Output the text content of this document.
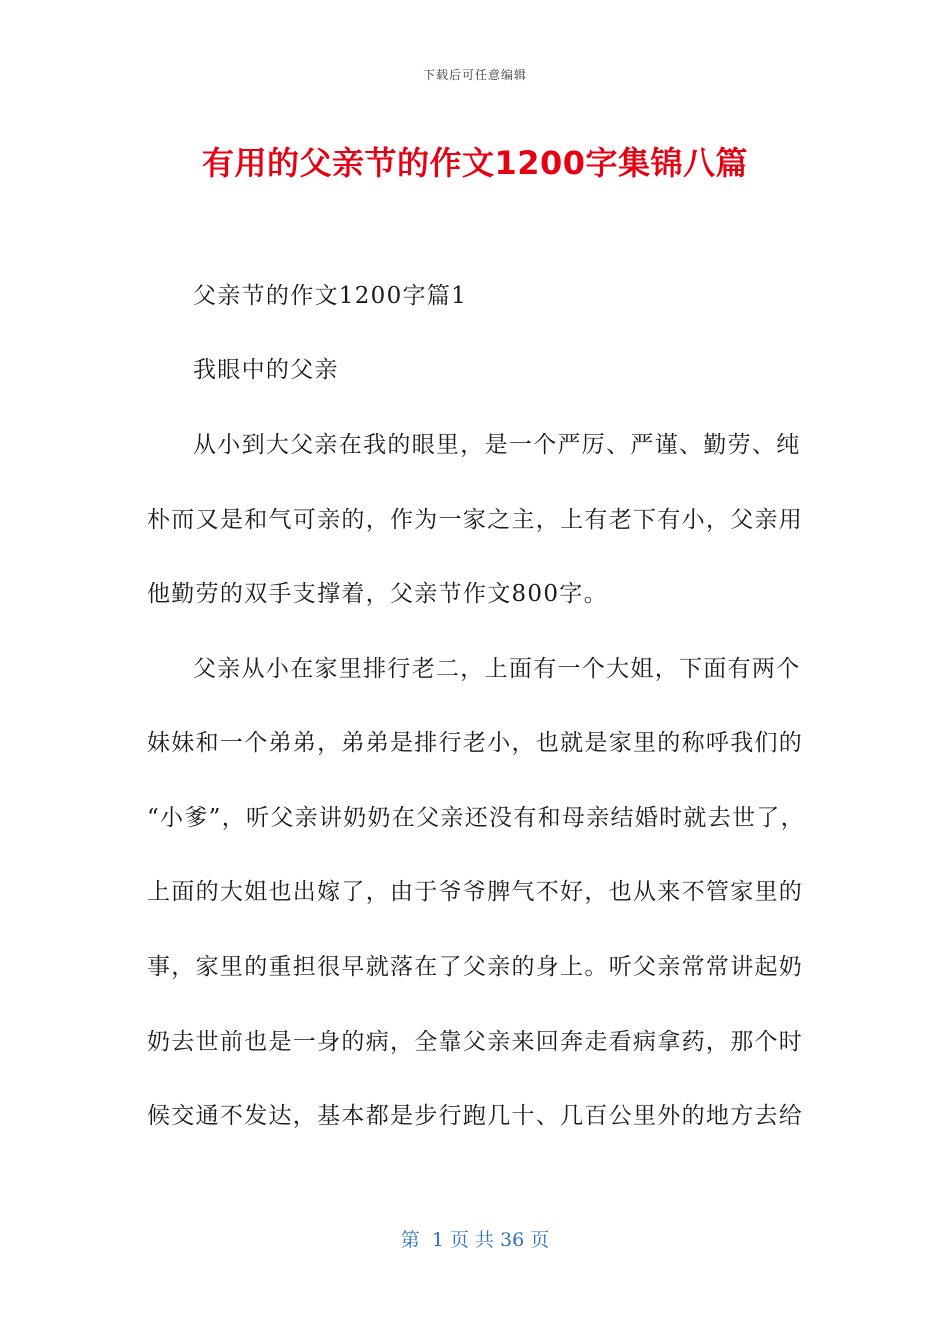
下载后可任意编辑
有用的父亲节的作文1200字集锦八篇
父亲节的作文1200字篇1
我眼中的父亲
从小到大父亲在我的眼里，是一个严厉、严谨、勤劳、纯
朴而又是和气可亲的，作为一家之主，上有老下有小，父亲用
他勤劳的双手支撑着，父亲节作文800字。
父亲从小在家里排行老二，上面有一个大姐，下面有两个
妹妹和一个弟弟，弟弟是排行老小，也就是家里的称呼我们的
“小爹”，听父亲讲奶奶在父亲还没有和母亲结婚时就去世了，
上面的大姐也出嫁了，由于爷爷脾气不好，也从来不管家里的
事，家里的重担很早就落在了父亲的身上。听父亲常常讲起奶
奶去世前也是一身的病，全靠父亲来回奔走看病拿药，那个时
候交通不发达，基本都是步行跑几十、几百公里外的地方去给
第  1 页 共 36 页
